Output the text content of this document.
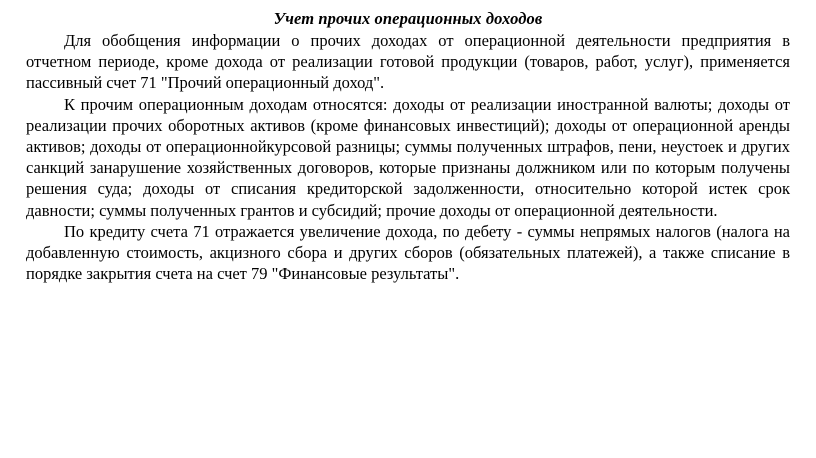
Учет прочих операционных доходов

Для обобщения информации о прочих доходах от операционной деятельности предприятия в отчетном периоде, кроме дохода от реализации готовой продукции (товаров, работ, услуг), применяется пассивный счет 71 "Прочий операционный доход".

К прочим операционным доходам относятся: доходы от реализации иностранной валюты; доходы от реализации прочих оборотных активов (кроме финансовых инвестиций); доходы от операционной аренды активов; доходы от операционнойкурсовой разницы; суммы полученных штрафов, пени, неустоек и других санкций занарушение хозяйственных договоров, которые признаны должником или по которым получены решения суда; доходы от списания кредиторской задолженности, относительно которой истек срок давности; суммы полученных грантов и субсидий; прочие доходы от операционной деятельности.

По кредиту счета 71 отражается увеличение дохода, по дебету - суммы непрямых налогов (налога на добавленную стоимость, акцизного сбора и других сборов (обязательных платежей), а также списание в порядке закрытия счета на счет 79 "Финансовые результаты".
